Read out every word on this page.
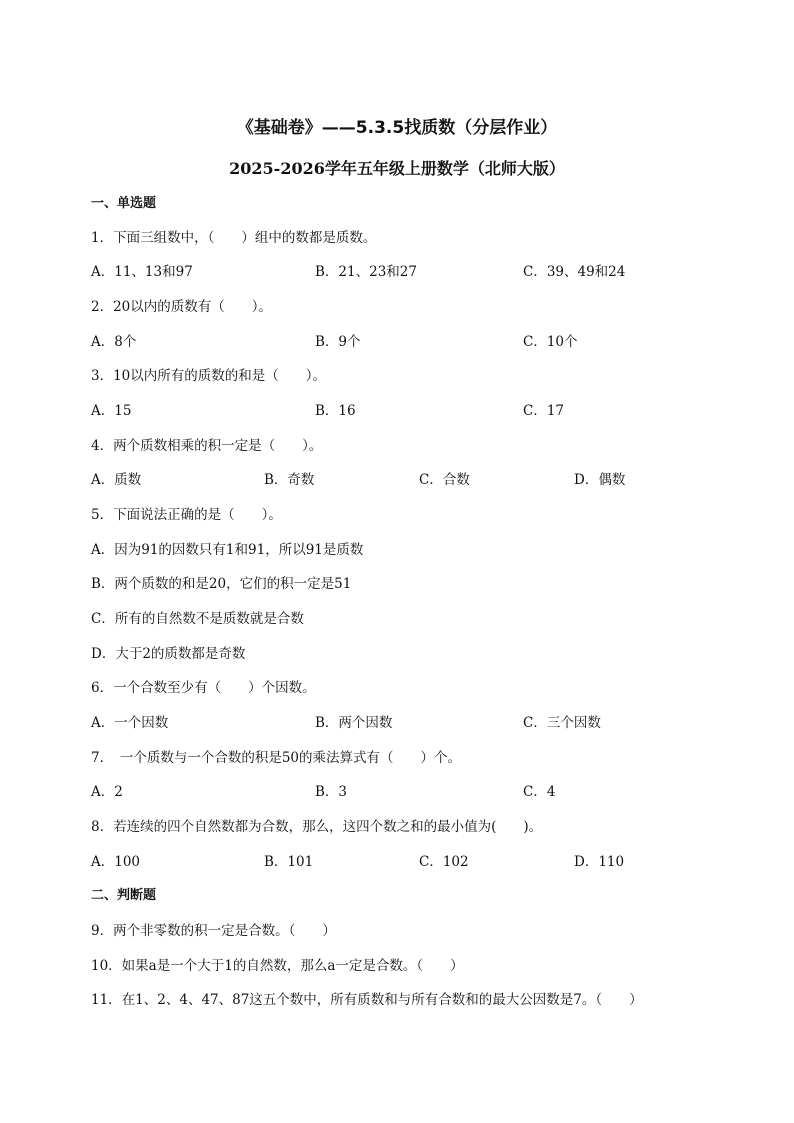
《基础卷》——5.3.5找质数（分层作业）
2025-2026学年五年级上册数学（北师大版）
一、单选题
1．下面三组数中，（　　）组中的数都是质数。
A．11、13和97	B．21、23和27	C．39、49和24
2．20以内的质数有（　　）。
A．8个	B．9个	C．10个
3．10以内所有的质数的和是（　　）。
A．15	B．16	C．17
4．两个质数相乘的积一定是（　　）。
A．质数	B．奇数	C．合数	D．偶数
5．下面说法正确的是（　　）。
A．因为91的因数只有1和91，所以91是质数
B．两个质数的和是20，它们的积一定是51
C．所有的自然数不是质数就是合数
D．大于2的质数都是奇数
6．一个合数至少有（　　）个因数。
A．一个因数	B．两个因数	C．三个因数
7．　一个质数与一个合数的积是50的乘法算式有（　　）个。
A．2	B．3	C．4
8．若连续的四个自然数都为合数，那么，这四个数之和的最小值为(　　)。
A．100	B．101	C．102	D．110
二、判断题
9．两个非零数的积一定是合数。（　　）
10．如果a是一个大于1的自然数，那么a一定是合数。（　　）
11．在1、2、4、47、87这五个数中，所有质数和与所有合数和的最大公因数是7。（　　）
